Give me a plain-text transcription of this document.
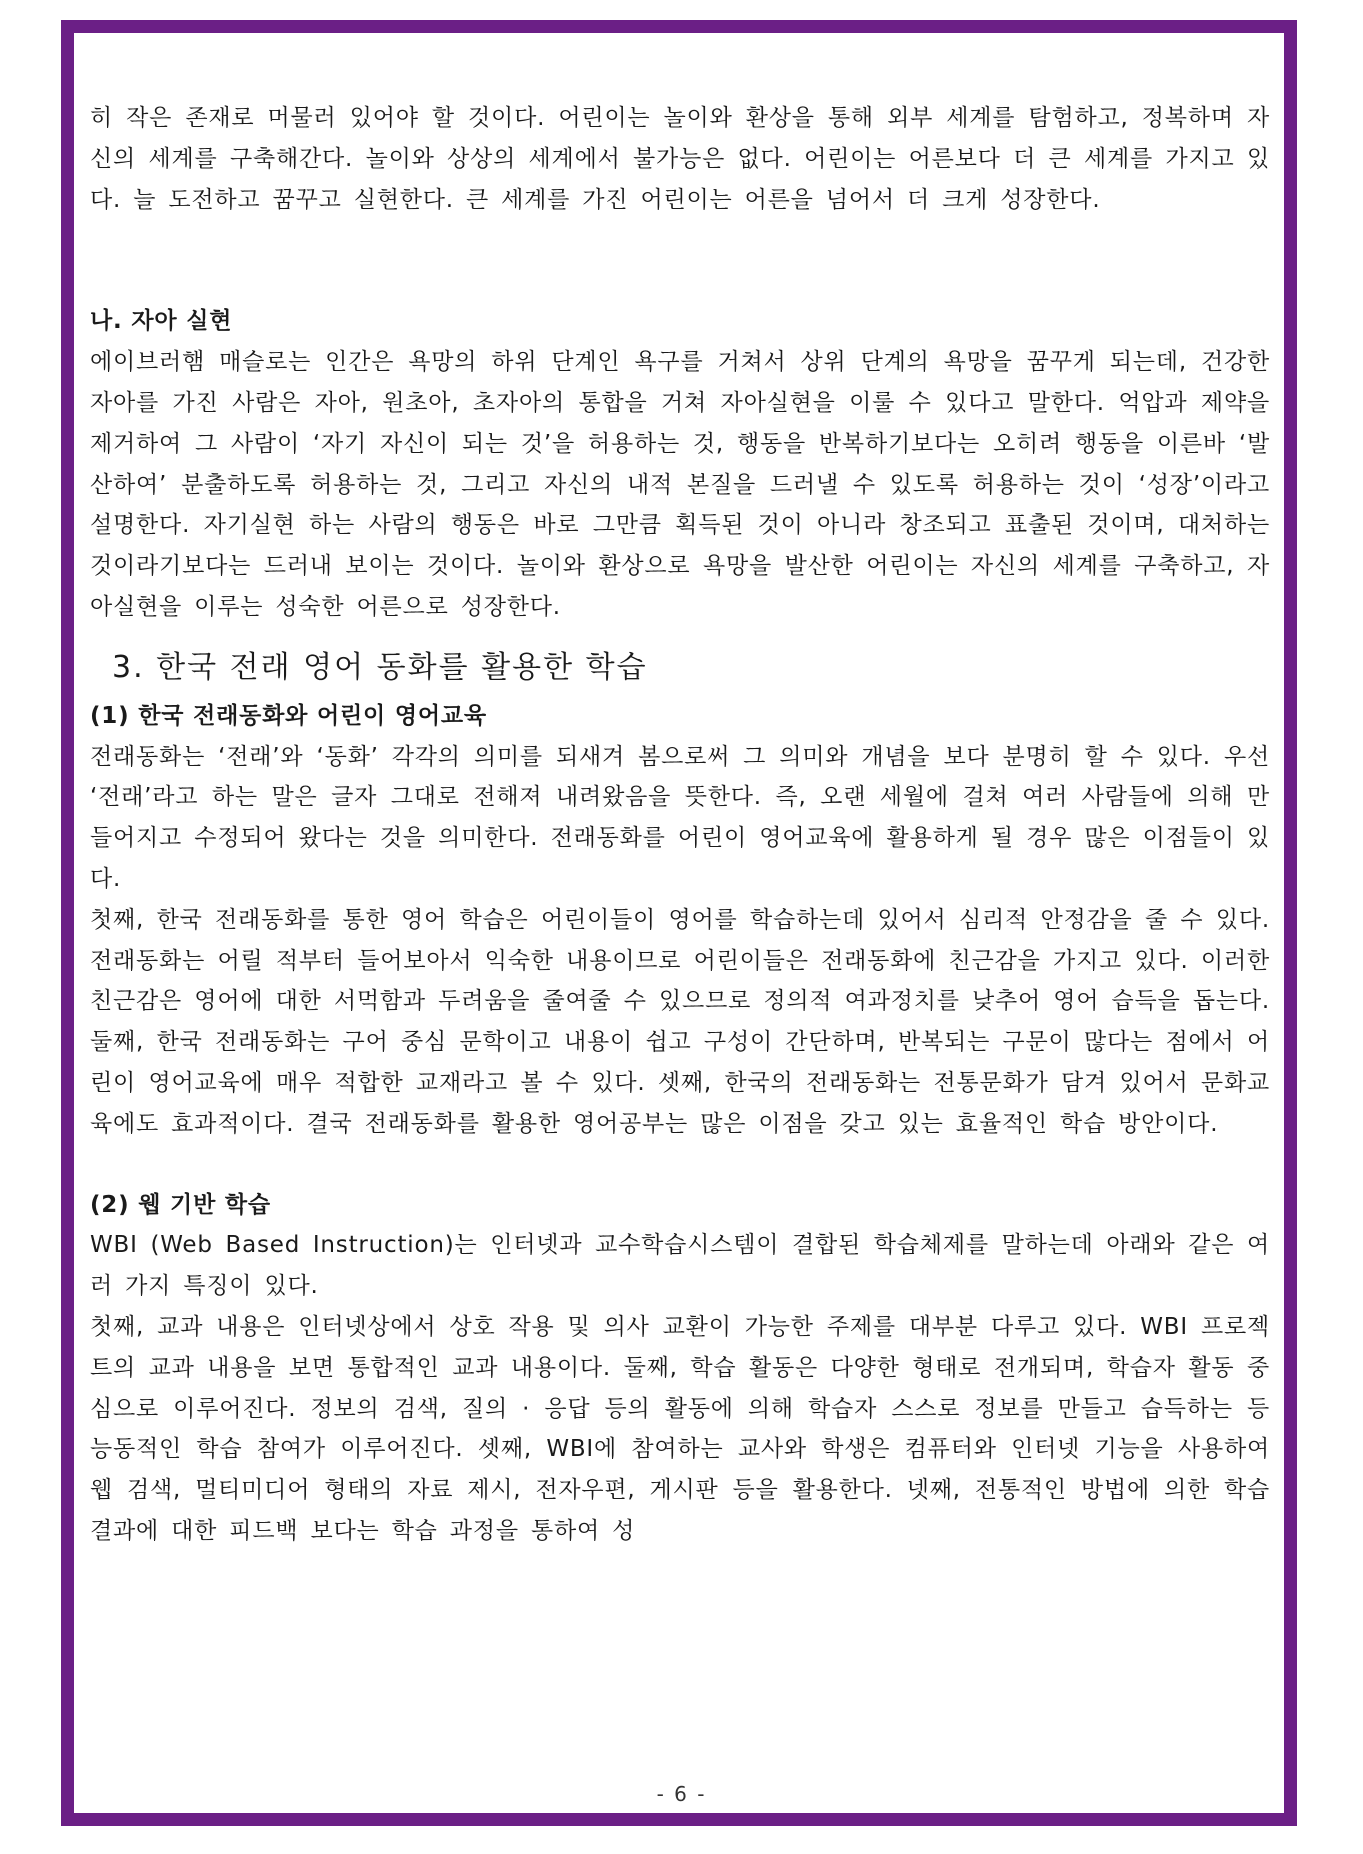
히 작은 존재로 머물러 있어야 할 것이다. 어린이는 놀이와 환상을 통해 외부 세계를 탐험하고, 정복하며 자신의 세계를 구축해간다. 놀이와 상상의 세계에서 불가능은 없다. 어린이는 어른보다 더 큰 세계를 가지고 있다. 늘 도전하고 꿈꾸고 실현한다. 큰 세계를 가진 어린이는 어른을 넘어서 더 크게 성장한다.

나. 자아 실현

에이브러햄 매슬로는 인간은 욕망의 하위 단계인 욕구를 거쳐서 상위 단계의 욕망을 꿈꾸게 되는데, 건강한 자아를 가진 사람은 자아, 원초아, 초자아의 통합을 거쳐 자아실현을 이룰 수 있다고 말한다. 억압과 제약을 제거하여 그 사람이 ‘자기 자신이 되는 것’을 허용하는 것, 행동을 반복하기보다는 오히려 행동을 이른바 ‘발산하여’ 분출하도록 허용하는 것, 그리고 자신의 내적 본질을 드러낼 수 있도록 허용하는 것이 ‘성장’이라고 설명한다. 자기실현 하는 사람의 행동은 바로 그만큼 획득된 것이 아니라 창조되고 표출된 것이며, 대처하는 것이라기보다는 드러내 보이는 것이다. 놀이와 환상으로 욕망을 발산한 어린이는 자신의 세계를 구축하고, 자아실현을 이루는 성숙한 어른으로 성장한다.

3. 한국 전래 영어 동화를 활용한 학습

(1) 한국 전래동화와 어린이 영어교육

전래동화는 ‘전래’와 ‘동화’ 각각의 의미를 되새겨 봄으로써 그 의미와 개념을 보다 분명히 할 수 있다. 우선 ‘전래’라고 하는 말은 글자 그대로 전해져 내려왔음을 뜻한다. 즉, 오랜 세월에 걸쳐 여러 사람들에 의해 만들어지고 수정되어 왔다는 것을 의미한다. 전래동화를 어린이 영어교육에 활용하게 될 경우 많은 이점들이 있다.

첫째, 한국 전래동화를 통한 영어 학습은 어린이들이 영어를 학습하는데 있어서 심리적 안정감을 줄 수 있다. 전래동화는 어릴 적부터 들어보아서 익숙한 내용이므로 어린이들은 전래동화에 친근감을 가지고 있다. 이러한 친근감은 영어에 대한 서먹함과 두려움을 줄여줄 수 있으므로 정의적 여과정치를 낮추어 영어 습득을 돕는다. 둘째, 한국 전래동화는 구어 중심 문학이고 내용이 쉽고 구성이 간단하며, 반복되는 구문이 많다는 점에서 어린이 영어교육에 매우 적합한 교재라고 볼 수 있다. 셋째, 한국의 전래동화는 전통문화가 담겨 있어서 문화교육에도 효과적이다. 결국 전래동화를 활용한 영어공부는 많은 이점을 갖고 있는 효율적인 학습 방안이다.

(2) 웹 기반 학습

WBI (Web Based Instruction)는 인터넷과 교수학습시스템이 결합된 학습체제를 말하는데 아래와 같은 여러 가지 특징이 있다.

첫째, 교과 내용은 인터넷상에서 상호 작용 및 의사 교환이 가능한 주제를 대부분 다루고 있다. WBI 프로젝트의 교과 내용을 보면 통합적인 교과 내용이다. 둘째, 학습 활동은 다양한 형태로 전개되며, 학습자 활동 중심으로 이루어진다. 정보의 검색, 질의 · 응답 등의 활동에 의해 학습자 스스로 정보를 만들고 습득하는 등 능동적인 학습 참여가 이루어진다. 셋째, WBI에 참여하는 교사와 학생은 컴퓨터와 인터넷 기능을 사용하여 웹 검색, 멀티미디어 형태의 자료 제시, 전자우편, 게시판 등을 활용한다. 넷째, 전통적인 방법에 의한 학습 결과에 대한 피드백 보다는 학습 과정을 통하여 성

- 6 -
